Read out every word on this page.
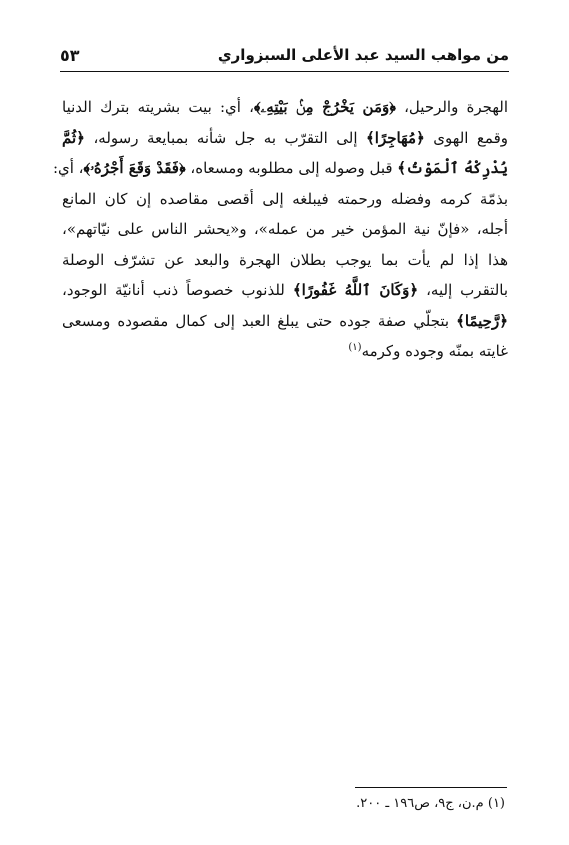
من مواهب السيد عبد الأعلى السبزواري
٥٣
الهجرة والرحيل، ﴿وَمَن يَخْرُجْ مِنۢ بَيْتِهِۦ﴾، أي: بيت بشريته بترك الدنيا
وقمع الهوى ﴿مُهَاجِرًا﴾ إلى التقرّب به جل شأنه بمبايعة رسوله، ﴿ثُمَّ
يُدْرِكْهُ ٱلْمَوْتُ﴾ قبل وصوله إلى مطلوبه ومسعاه، ﴿فَقَدْ وَقَعَ أَجْرُهُۥ﴾، أي:
بذمّة كرمه وفضله ورحمته فيبلغه إلى أقصى مقاصده إن كان المانع
أجله، «فإنّ نية المؤمن خير من عمله»، و«يحشر الناس على نيّاتهم»،
هذا إذا لم يأت بما يوجب بطلان الهجرة والبعد عن تشرّف الوصلة
بالتقرب إليه، ﴿وَكَانَ ٱللَّهُ غَفُورًا﴾ للذنوب خصوصاً ذنب أنانيّة الوجود،
﴿رَّحِيمًا﴾ بتجلّي صفة جوده حتى يبلغ العبد إلى كمال مقصوده ومسعى
غايته بمنّه وجوده وكرمه$^{(١)}$
(١) م.ن، ج٩، ص١٩٦ ـ ٢٠٠.
